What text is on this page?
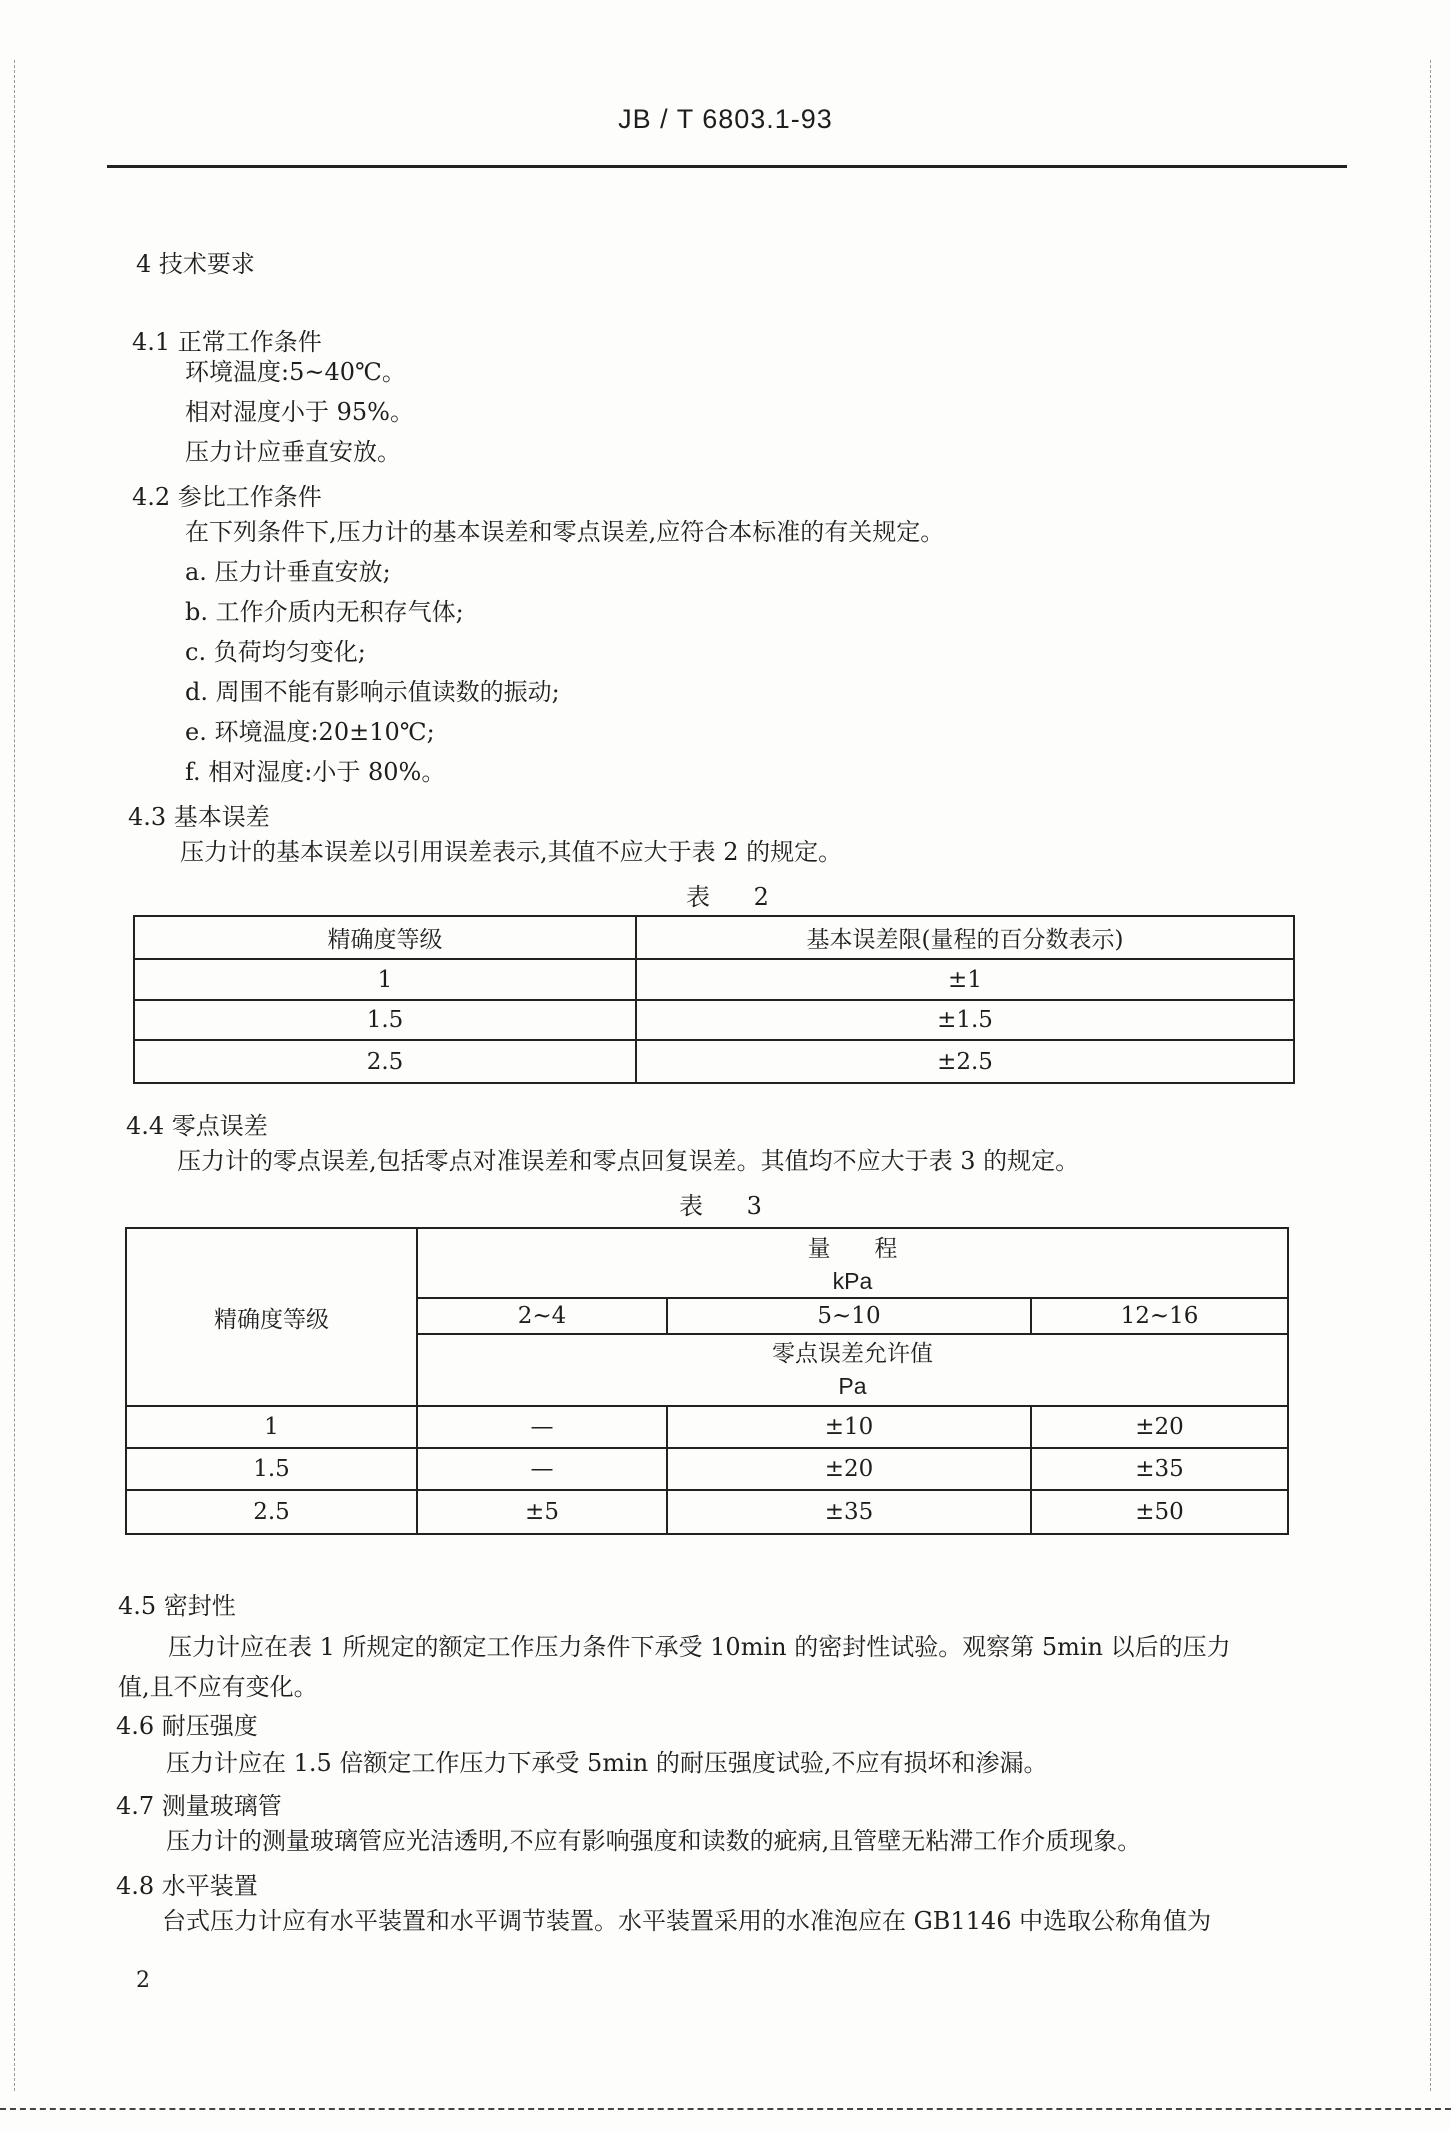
JB / T 6803.1-93
4 技术要求
4.1 正常工作条件
环境温度:5~40℃。
相对湿度小于 95%。
压力计应垂直安放。
4.2 参比工作条件
在下列条件下,压力计的基本误差和零点误差,应符合本标准的有关规定。
a. 压力计垂直安放;
b. 工作介质内无积存气体;
c. 负荷均匀变化;
d. 周围不能有影响示值读数的振动;
e. 环境温度:20±10℃;
f. 相对湿度:小于 80%。
4.3 基本误差
压力计的基本误差以引用误差表示,其值不应大于表 2 的规定。
表 2
精确度等级	基本误差限(量程的百分数表示)
1	±1
1.5	±1.5
2.5	±2.5
4.4 零点误差
压力计的零点误差,包括零点对准误差和零点回复误差。其值均不应大于表 3 的规定。
表 3
精确度等级	量      程
kPa		

	2~4	5~10	12~16

	零点误差允许值
Pa		

1	—	±10	±20
1.5	—	±20	±35
2.5	±5	±35	±50
4.5 密封性
压力计应在表 1 所规定的额定工作压力条件下承受 10min 的密封性试验。观察第 5min 以后的压力
值,且不应有变化。
4.6 耐压强度
压力计应在 1.5 倍额定工作压力下承受 5min 的耐压强度试验,不应有损坏和渗漏。
4.7 测量玻璃管
压力计的测量玻璃管应光洁透明,不应有影响强度和读数的疵病,且管壁无粘滞工作介质现象。
4.8 水平装置
台式压力计应有水平装置和水平调节装置。水平装置采用的水准泡应在 GB1146 中选取公称角值为
2
